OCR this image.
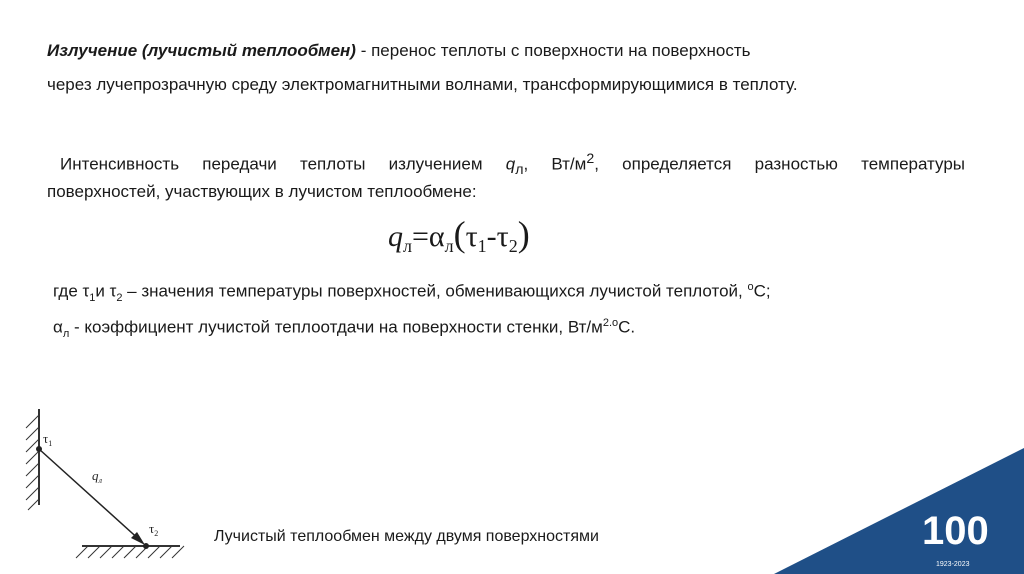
Излучение (лучистый теплообмен) - перенос теплоты с поверхности на поверхность
через лучепрозрачную среду электромагнитными волнами, трансформирующимися в теплоту.
Интенсивность передачи теплоты излучением $q_л$, $Вт/м^2$, определяется разностью температуры
поверхностей, участвующих в лучистом теплообмене:
$q_л=\alpha_л(\tau_1-\tau_2)$
где $\tau_1и$ $\tau_2$ – значения температуры поверхностей, обменивающихся лучистой теплотой, $^о$С;
$\alpha_л$ - коэффициент лучистой теплоотдачи на поверхности стенки, $Вт/м^{2.о}С$.
$\tau_1$
$q_л$
$\tau_2$	Лучистый теплообмен между двумя поверхностями	100
1923-2023
